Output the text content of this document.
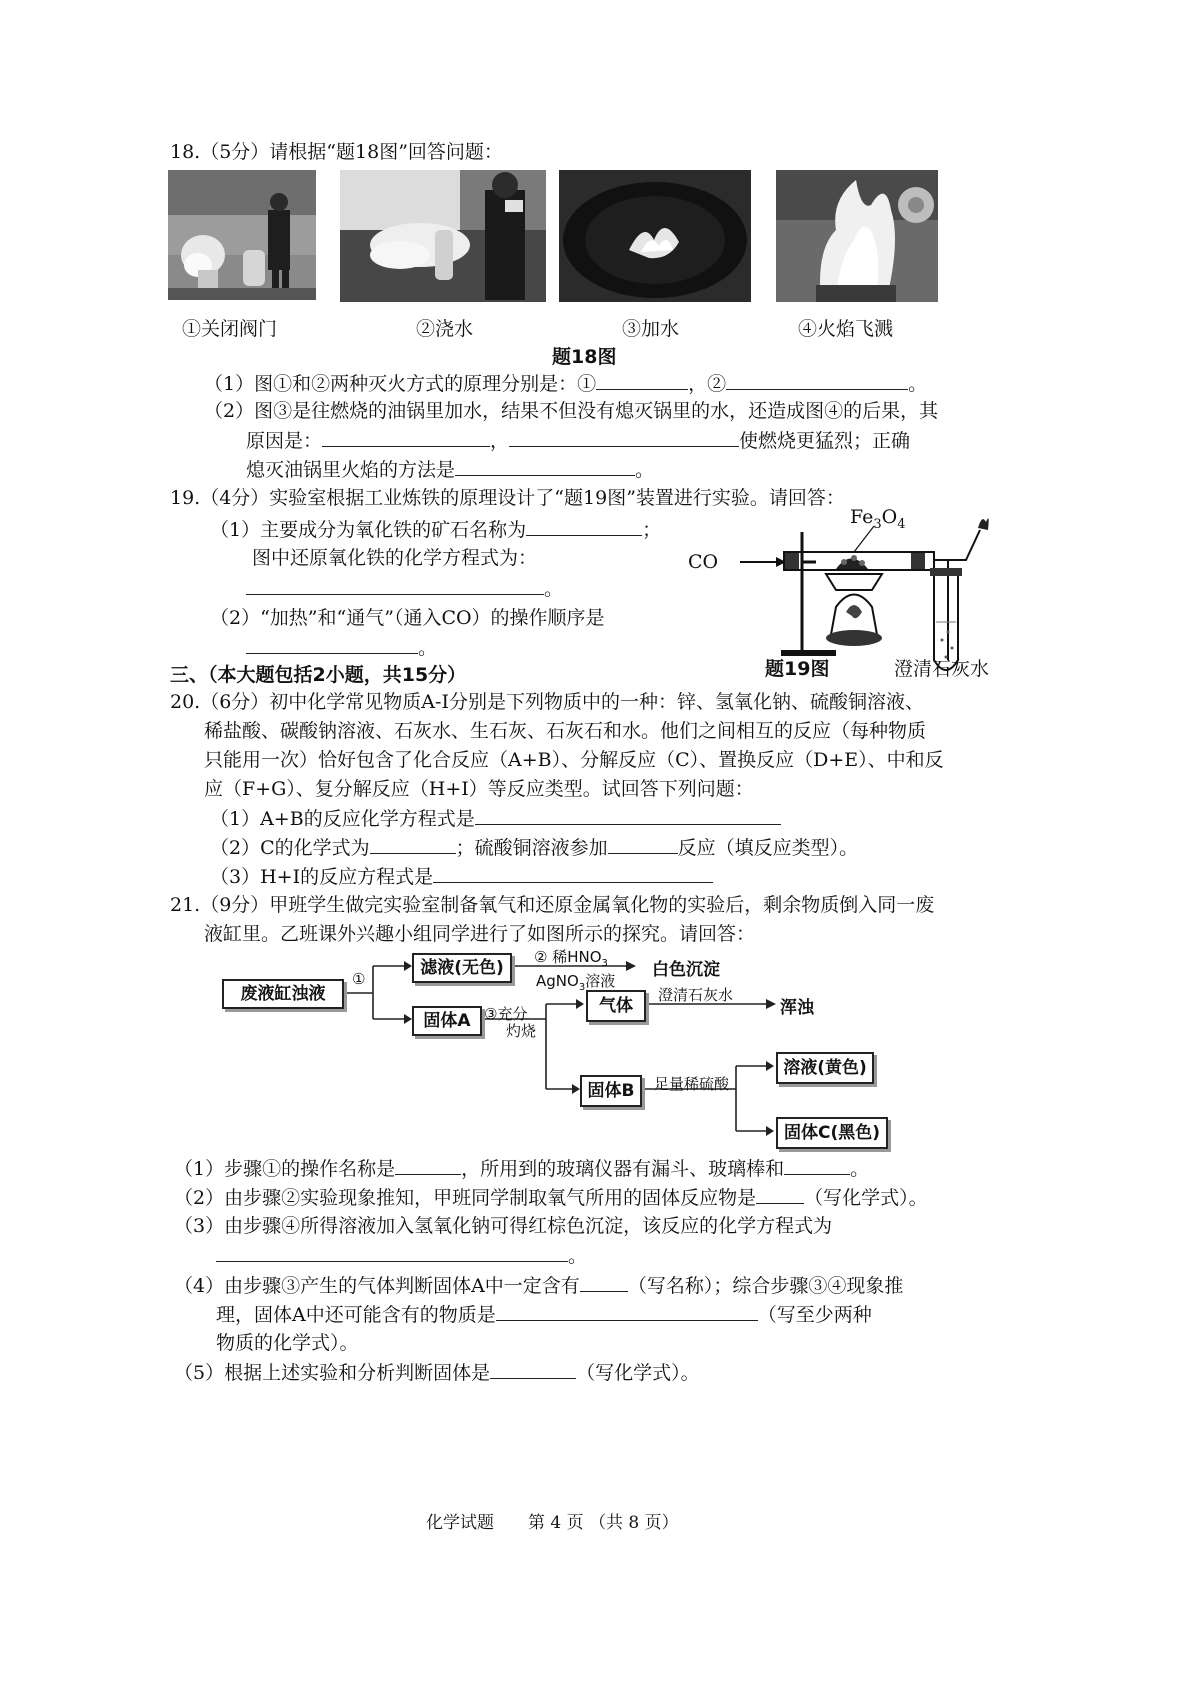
18.（5分）请根据“题18图”回答问题：
①关闭阀门	②浇水	③加水	④火焰飞溅
题18图
（1）图①和②两种灭火方式的原理分别是：①	，②	。
（2）图③是往燃烧的油锅里加水，结果不但没有熄灭锅里的水，还造成图④的后果，其
原因是：	，	使燃烧更猛烈；正确
熄灭油锅里火焰的方法是	。
19.（4分）实验室根据工业炼铁的原理设计了“题19图”装置进行实验。请回答：
（1）主要成分为氧化铁的矿石名称为	；
图中还原氧化铁的化学方程式为：
。
（2）“加热”和“通气”（通入CO）的操作顺序是
。
$Fe_3O_4$
CO
题19图	澄清石灰水
三、（本大题包括2小题，共15分）
20.（6分）初中化学常见物质A-I分别是下列物质中的一种：锌、氢氧化钠、硫酸铜溶液、
稀盐酸、碳酸钠溶液、石灰水、生石灰、石灰石和水。他们之间相互的反应（每种物质
只能用一次）恰好包含了化合反应（A+B）、分解反应（C）、置换反应（D+E）、中和反
应（F+G）、复分解反应（H+I）等反应类型。试回答下列问题：
（1）A+B的反应化学方程式是
（2）C的化学式为	；硫酸铜溶液参加	反应（填反应类型）。
（3）H+I的反应方程式是
21.（9分）甲班学生做完实验室制备氧气和还原金属氧化物的实验后，剩余物质倒入同一废
液缸里。乙班课外兴趣小组同学进行了如图所示的探究。请回答：
废液缸浊液
①
滤液(无色)
② 稀$HNO_3$
AgNO$_3$溶液
白色沉淀
固体A ③充分
灼烧
气体
澄清石灰水
浑浊
固体B	足量稀硫酸
溶液(黄色)
固体C(黑色)
（1）步骤①的操作名称是	，所用到的玻璃仪器有漏斗、玻璃棒和	。
（2）由步骤②实验现象推知，甲班同学制取氧气所用的固体反应物是	（写化学式）。
（3）由步骤④所得溶液加入氢氧化钠可得红棕色沉淀，该反应的化学方程式为
。
（4）由步骤③产生的气体判断固体A中一定含有	（写名称）；综合步骤③④现象推
理，固体A中还可能含有的物质是	（写至少两种
物质的化学式）。
（5）根据上述实验和分析判断固体是	（写化学式）。
化学试题　　第 4 页 （共 8 页）
